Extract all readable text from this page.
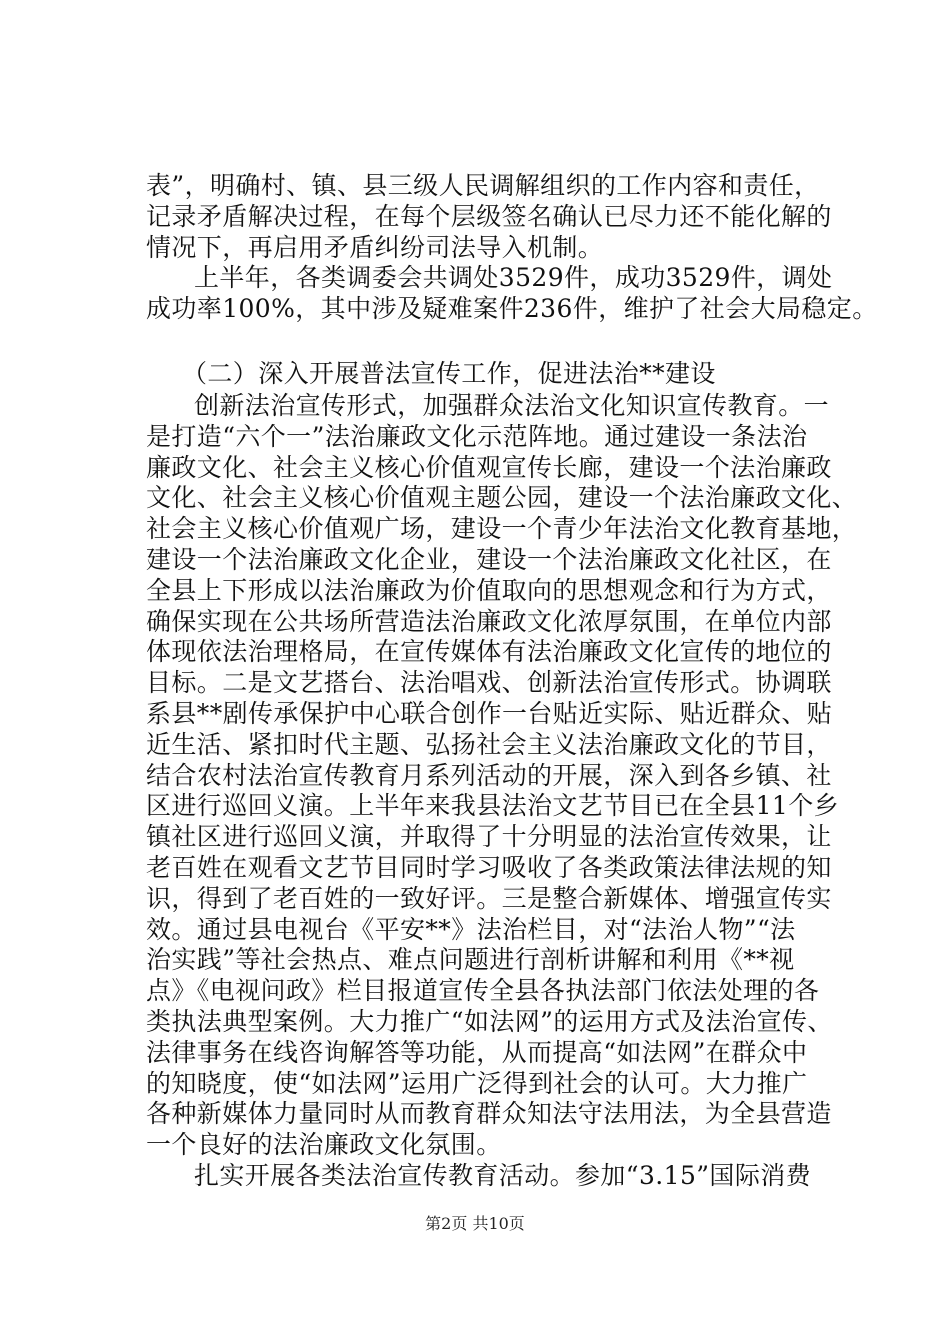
表”，明确村、镇、县三级人民调解组织的工作内容和责任，
记录矛盾解决过程，在每个层级签名确认已尽力还不能化解的
情况下，再启用矛盾纠纷司法导入机制。
上半年，各类调委会共调处3529件，成功3529件，调处
成功率100%，其中涉及疑难案件236件，维护了社会大局稳定。
（二）深入开展普法宣传工作，促进法治**建设
创新法治宣传形式，加强群众法治文化知识宣传教育。一
是打造“六个一”法治廉政文化示范阵地。通过建设一条法治
廉政文化、社会主义核心价值观宣传长廊，建设一个法治廉政
文化、社会主义核心价值观主题公园，建设一个法治廉政文化、
社会主义核心价值观广场，建设一个青少年法治文化教育基地，
建设一个法治廉政文化企业，建设一个法治廉政文化社区，在
全县上下形成以法治廉政为价值取向的思想观念和行为方式，
确保实现在公共场所营造法治廉政文化浓厚氛围，在单位内部
体现依法治理格局，在宣传媒体有法治廉政文化宣传的地位的
目标。二是文艺搭台、法治唱戏、创新法治宣传形式。协调联
系县**剧传承保护中心联合创作一台贴近实际、贴近群众、贴
近生活、紧扣时代主题、弘扬社会主义法治廉政文化的节目，
结合农村法治宣传教育月系列活动的开展，深入到各乡镇、社
区进行巡回义演。上半年来我县法治文艺节目已在全县11个乡
镇社区进行巡回义演，并取得了十分明显的法治宣传效果，让
老百姓在观看文艺节目同时学习吸收了各类政策法律法规的知
识，得到了老百姓的一致好评。三是整合新媒体、增强宣传实
效。通过县电视台《平安**》法治栏目，对“法治人物”“法
治实践”等社会热点、难点问题进行剖析讲解和利用《**视
点》《电视问政》栏目报道宣传全县各执法部门依法处理的各
类执法典型案例。大力推广“如法网”的运用方式及法治宣传、
法律事务在线咨询解答等功能，从而提高“如法网”在群众中
的知晓度，使“如法网”运用广泛得到社会的认可。大力推广
各种新媒体力量同时从而教育群众知法守法用法，为全县营造
一个良好的法治廉政文化氛围。
扎实开展各类法治宣传教育活动。参加“3.15”国际消费
第2页 共10页
